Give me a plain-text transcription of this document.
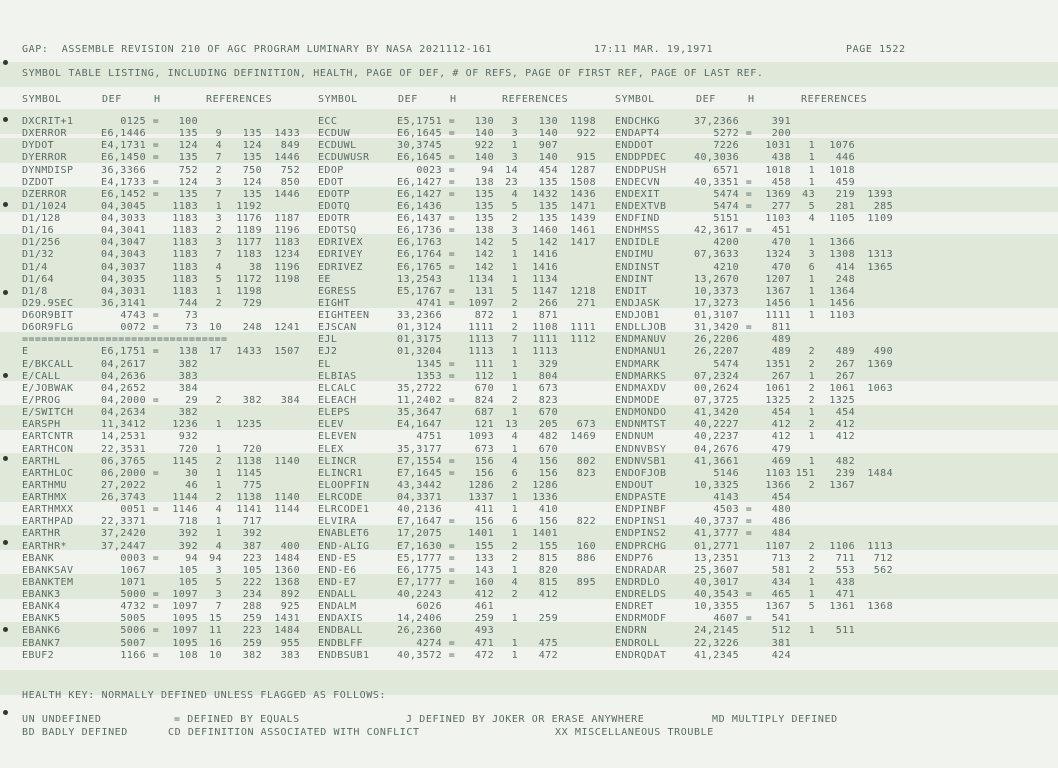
GAP:  ASSEMBLE REVISION 210 OF AGC PROGRAM LUMINARY BY NASA 2021112-161	17:11 MAR. 19,1971	PAGE 1522
SYMBOL TABLE LISTING, INCLUDING DEFINITION, HEALTH, PAGE OF DEF, # OF REFS, PAGE OF FIRST REF, PAGE OF LAST REF.
SYMBOL	DEF	H	REFERENCES	SYMBOL	DEF	H	REFERENCES	SYMBOL	DEF	H	REFERENCES
DXCRIT+1	0125 =	100	ECC	E5,1751 =	130	3	130	1198 ENDCHKG	37,2366	391
DXERROR	E6,1446	135	9	135	1433 ECDUW	E6,1645 =	140	3	140	922 ENDAPT4	5272 =	200
DYDOT	E4,1731 =	124	4	124	849 ECDUWL	30,3745	922	1	907	ENDDOT	7226	1031	1	1076
DYERROR	E6,1450 =	135	7	135	1446 ECDUWUSR	E6,1645 =	140	3	140	915 ENDDPDEC	40,3036	438	1	446
DYNMDISP	36,3366	752	2	750	752 EDOP	0023 =	94	14	454	1287 ENDDPUSH	6571	1018	1	1018
DZDOT	E4,1733 =	124	3	124	850 EDOT	E6,1427 =	138	23	135	1508 ENDECVN	40,3351 =	458	1	459
DZERROR	E6,1452 =	135	7	135	1446 EDOTP	E6,1427 =	135	4	1432	1436 ENDEXIT	5474 =	1369	43	219	1393
D1/1024	04,3045	1183	1	1192	EDOTQ	E6,1436	135	5	135	1471 ENDEXTVB	5474 =	277	5	281	285
D1/128	04,3033	1183	3	1176	1187 EDOTR	E6,1437 =	135	2	135	1439 ENDFIND	5151	1103	4	1105	1109
D1/16	04,3041	1183	2	1189	1196 EDOTSQ	E6,1736 =	138	3	1460	1461 ENDHMSS	42,3617 =	451
D1/256	04,3047	1183	3	1177	1183 EDRIVEX	E6,1763	142	5	142	1417 ENDIDLE	4200	470	1	1366
D1/32	04,3043	1183	7	1183	1234 EDRIVEY	E6,1764 =	142	1	1416	ENDIMU	07,3633	1324	3	1308	1313
D1/4	04,3037	1183	4	38	1196 EDRIVEZ	E6,1765 =	142	1	1416	ENDINST	4210	470	6	414	1365
D1/64	04,3035	1183	5	1172	1198 EE	13,2543	1134	1	1134	ENDINT	13,2670	1207	1	248
D1/8	04,3031	1183	1	1198	EGRESS	E5,1767 =	131	5	1147	1218 ENDIT	10,3373	1367	1	1364
D29.9SEC	36,3141	744	2	729	EIGHT	4741 =	1097	2	266	271 ENDJASK	17,3273	1456	1	1456
D6OR9BIT	4743 =	73	EIGHTEEN	33,2366	872	1	871	ENDJOB1	01,3107	1111	1	1103
D6OR9FLG	0072 =	73	10	248	1241 EJSCAN	01,3124	1111	2	1108	1111 ENDLLJOB	31,3420 =	811
================================	EJL	01,3175	1113	7	1111	1112 ENDMANUV	26,2206	489
E	E6,1751 =	138	17	1433	1507 EJ2	01,3204	1113	1	1113	ENDMANU1	26,2207	489	2	489	490
E/BKCALL	04,2617	382	EL	1345 =	111	1	329	ENDMARK	5474	1351	2	267	1369
E/CALL	04,2636	383	ELBIAS	1353 =	112	1	804	ENDMARKS	07,2324	267	1	267
E/JOBWAK	04,2652	384	ELCALC	35,2722	670	1	673	ENDMAXDV	00,2624	1061	2	1061	1063
E/PROG	04,2000 =	29	2	382	384 ELEACH	11,2402 =	824	2	823	ENDMODE	07,3725	1325	2	1325
E/SWITCH	04,2634	382	ELEPS	35,3647	687	1	670	ENDMONDO	41,3420	454	1	454
EARSPH	11,3412	1236	1	1235	ELEV	E4,1647	121	13	205	673 ENDNMTST	40,2227	412	2	412
EARTCNTR	14,2531	932	ELEVEN	4751	1093	4	482	1469 ENDNUM	40,2237	412	1	412
EARTHCON	22,3531	720	1	720	ELEX	35,3177	673	1	670	ENDNVBSY	04,2676	479
EARTHL	06,3765	1145	2	1138	1140 ELINCR	E7,1554 =	156	4	156	802 ENDNVSB1	41,3661	469	1	482
EARTHLOC	06,2000 =	30	1	1145	ELINCR1	E7,1645 =	156	6	156	823 ENDOFJOB	5146	1103 151	239	1484
EARTHMU	27,2022	46	1	775	ELOOPFIN	43,3442	1286	2	1286	ENDOUT	10,3325	1366	2	1367
EARTHMX	26,3743	1144	2	1138	1140 ELRCODE	04,3371	1337	1	1336	ENDPASTE	4143	454
EARTHMXX	0051 =	1146	4	1141	1144 ELRCODE1	40,2136	411	1	410	ENDPINBF	4503 =	480
EARTHPAD	22,3371	718	1	717	ELVIRA	E7,1647 =	156	6	156	822 ENDPINS1	40,3737 =	486
EARTHR	37,2420	392	1	392	ENABLET6	17,2075	1401	1	1401	ENDPINS2	41,3777 =	484
EARTHR*	37,2447	392	4	387	400 END-ALIG	E7,1630 =	155	2	155	160 ENDPRCHG	01,2771	1107	2	1106	1113
EBANK	0003 =	94	94	223	1484 END-E5	E5,1777 =	133	2	815	886 ENDP76	13,2351	713	2	711	712
EBANKSAV	1067	105	3	105	1360 END-E6	E6,1775 =	143	1	820	ENDRADAR	25,3607	581	2	553	562
EBANKTEM	1071	105	5	222	1368 END-E7	E7,1777 =	160	4	815	895 ENDRDLO	40,3017	434	1	438
EBANK3	5000 =	1097	3	234	892 ENDALL	40,2243	412	2	412	ENDRELDS	40,3543 =	465	1	471
EBANK4	4732 =	1097	7	288	925 ENDALM	6026	461	ENDRET	10,3355	1367	5	1361	1368
EBANK5	5005	1095	15	259	1431 ENDAXIS	14,2406	259	1	259	ENDRMODF	4607 =	541
EBANK6	5006 =	1097	11	223	1484 ENDBALL	26,2360	493	ENDRN	24,2145	512	1	511
EBANK7	5007	1095	16	259	955 ENDBLFF	4274 =	471	1	475	ENDROLL	22,3226	381
EBUF2	1166 =	108	10	382	383 ENDBSUB1	40,3572 =	472	1	472	ENDRQDAT	41,2345	424
HEALTH KEY: NORMALLY DEFINED UNLESS FLAGGED AS FOLLOWS:
UN UNDEFINED	= DEFINED BY EQUALS	J DEFINED BY JOKER OR ERASE ANYWHERE	MD MULTIPLY DEFINED
BD BADLY DEFINED	CD DEFINITION ASSOCIATED WITH CONFLICT	XX MISCELLANEOUS TROUBLE
